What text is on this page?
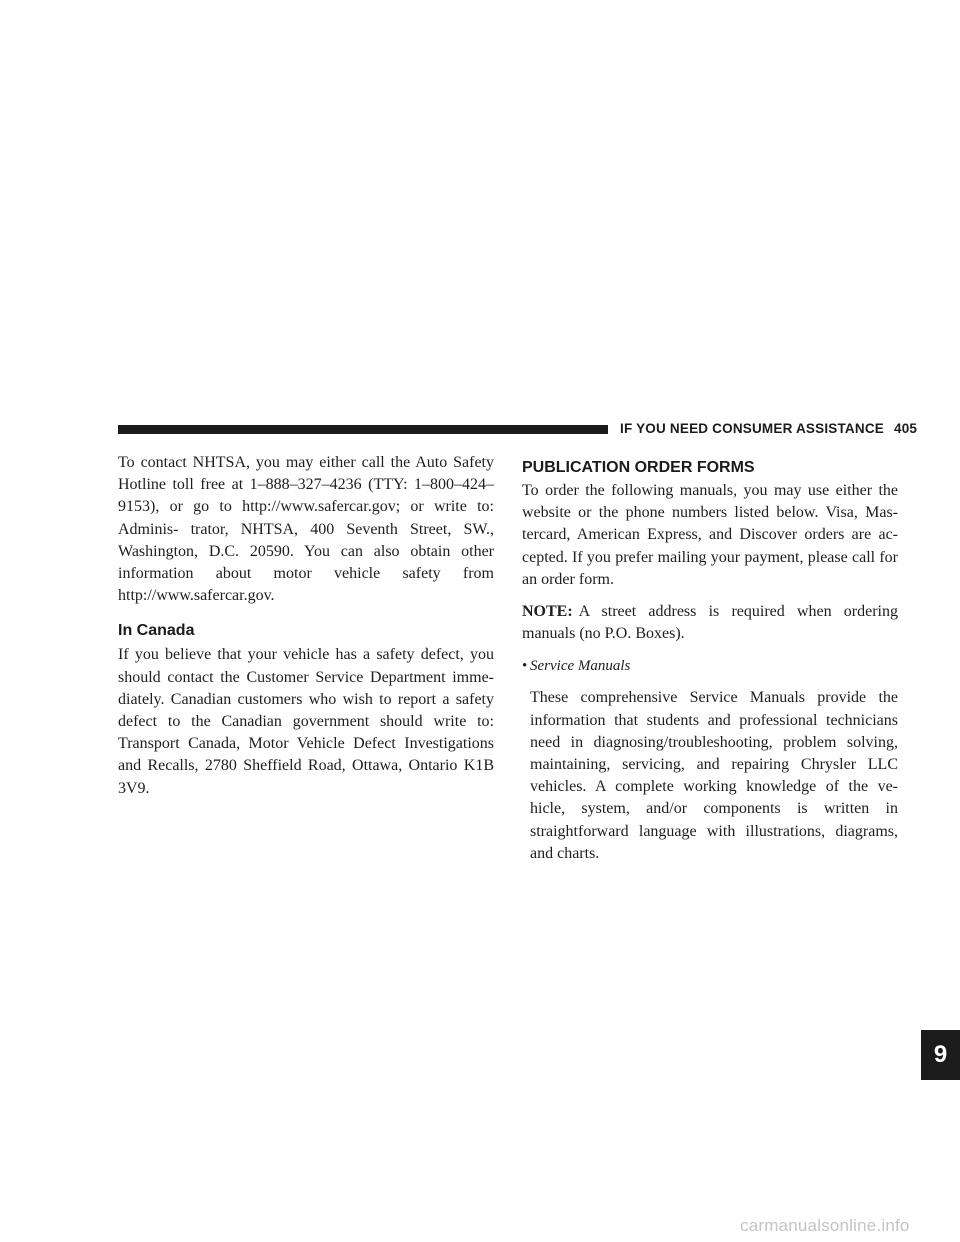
IF YOU NEED CONSUMER ASSISTANCE 405

To contact NHTSA, you may either call the Auto Safety Hotline toll free at 1–888–327–4236 (TTY: 1–800–424– 9153), or go to http://www.safercar.gov; or write to: Adminis- trator, NHTSA, 400 Seventh Street, SW., Washington, D.C. 20590. You can also obtain other information about motor vehicle safety from http://www.safercar.gov.

In Canada

If you believe that your vehicle has a safety defect, you should contact the Customer Service Department imme- diately. Canadian customers who wish to report a safety defect to the Canadian government should write to: Transport Canada, Motor Vehicle Defect Investigations and Recalls, 2780 Sheffield Road, Ottawa, Ontario K1B 3V9.

PUBLICATION ORDER FORMS

To order the following manuals, you may use either the website or the phone numbers listed below. Visa, Mas- tercard, American Express, and Discover orders are ac- cepted. If you prefer mailing your payment, please call for an order form.

NOTE: A street address is required when ordering manuals (no P.O. Boxes).

• Service Manuals

These comprehensive Service Manuals provide the information that students and professional technicians need in diagnosing/troubleshooting, problem solving, maintaining, servicing, and repairing Chrysler LLC vehicles. A complete working knowledge of the ve- hicle, system, and/or components is written in straightforward language with illustrations, diagrams, and charts.

9
carmanualsonline.info
